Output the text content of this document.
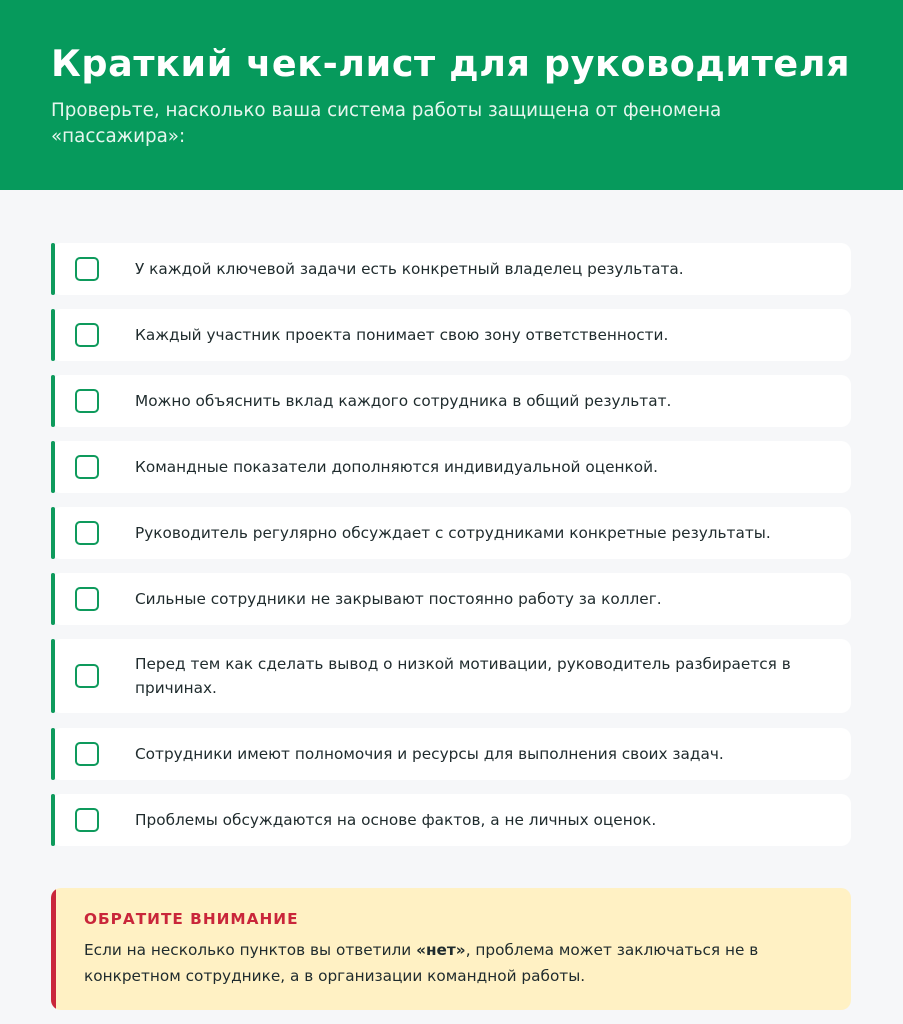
Краткий чек-лист для руководителя

Проверьте, насколько ваша система работы защищена от феномена «пассажира»:

У каждой ключевой задачи есть конкретный владелец результата.
Каждый участник проекта понимает свою зону ответственности.
Можно объяснить вклад каждого сотрудника в общий результат.
Командные показатели дополняются индивидуальной оценкой.
Руководитель регулярно обсуждает с сотрудниками конкретные результаты.
Сильные сотрудники не закрывают постоянно работу за коллег.
Перед тем как сделать вывод о низкой мотивации, руководитель разбирается в причинах.
Сотрудники имеют полномочия и ресурсы для выполнения своих задач.
Проблемы обсуждаются на основе фактов, а не личных оценок.
ОБРАТИТЕ ВНИМАНИЕ
Если на несколько пунктов вы ответили «нет», проблема может заключаться не в конкретном сотруднике, а в организации командной работы.
